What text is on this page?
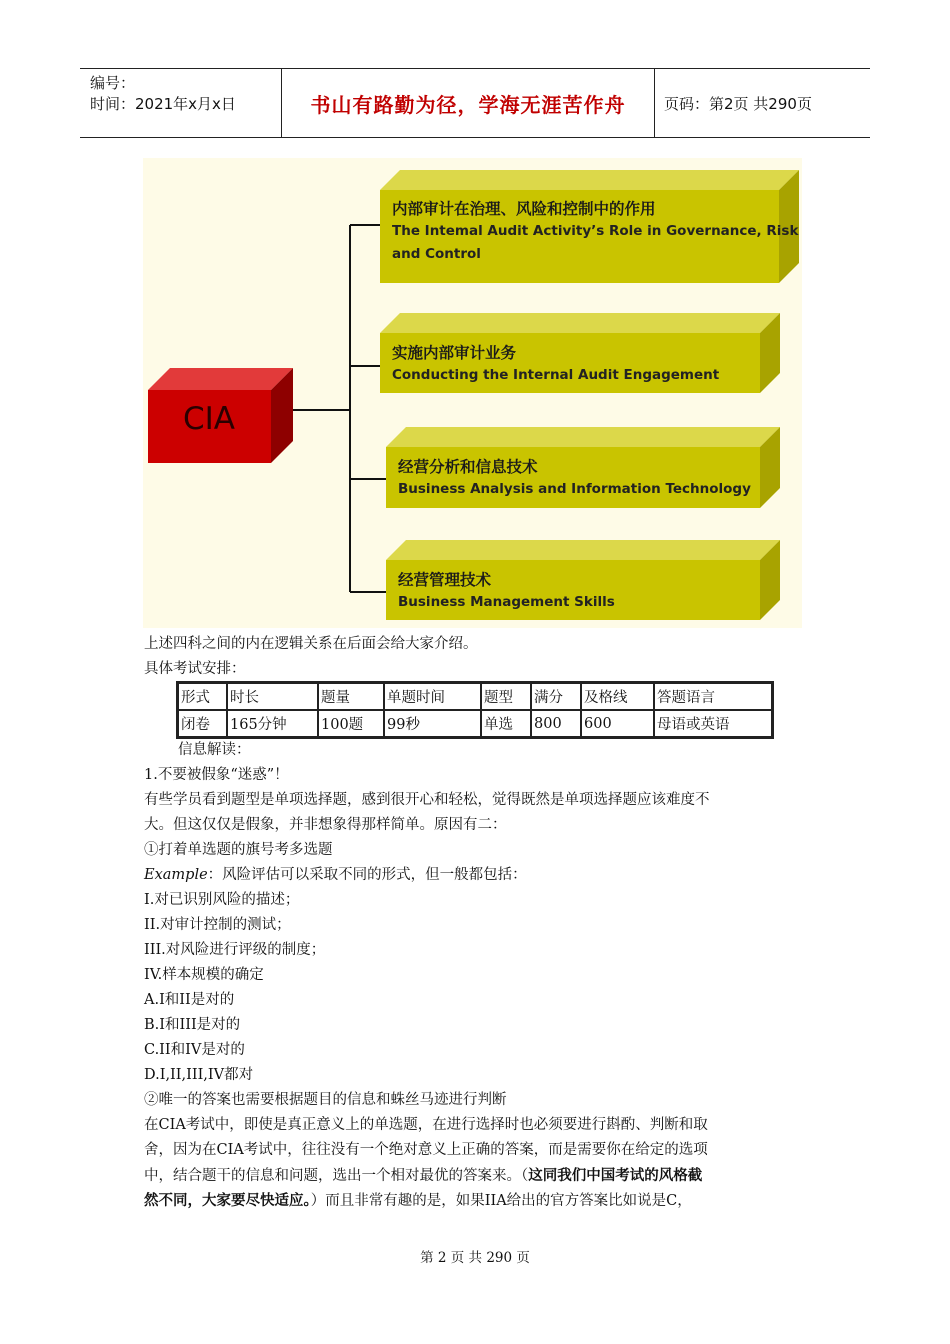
编号：
时间：2021年x月x日	书山有路勤为径，学海无涯苦作舟	页码：第2页 共290页
CIA
内部审计在治理、风险和控制中的作用
The Intemal Audit Activity’s Role in Governance, Risk
and Control
实施内部审计业务
Conducting the Internal Audit Engagement
经营分析和信息技术
Business Analysis and Information Technology
经营管理技术
Business Management Skills
上述四科之间的内在逻辑关系在后面会给大家介绍。
具体考试安排：
形式	时长	题量	单题时间	题型	满分	及格线	答题语言
闭卷	165分钟	100题	99秒	单选	800	600	母语或英语
信息解读：
1.不要被假象“迷惑”！
有些学员看到题型是单项选择题，感到很开心和轻松，觉得既然是单项选择题应该难度不
大。但这仅仅是假象，并非想象得那样简单。原因有二：
①打着单选题的旗号考多选题
Example：风险评估可以采取不同的形式，但一般都包括：
I.对已识别风险的描述；
II.对审计控制的测试；
III.对风险进行评级的制度；
IV.样本规模的确定
A.I和II是对的
B.I和III是对的
C.II和IV是对的
D.I,II,III,IV都对
②唯一的答案也需要根据题目的信息和蛛丝马迹进行判断
在CIA考试中，即使是真正意义上的单选题，在进行选择时也必须要进行斟酌、判断和取
舍，因为在CIA考试中，往往没有一个绝对意义上正确的答案，而是需要你在给定的选项
中，结合题干的信息和问题，选出一个相对最优的答案来。（这同我们中国考试的风格截
然不同，大家要尽快适应。）而且非常有趣的是，如果IIA给出的官方答案比如说是C，
第 2 页 共 290 页
